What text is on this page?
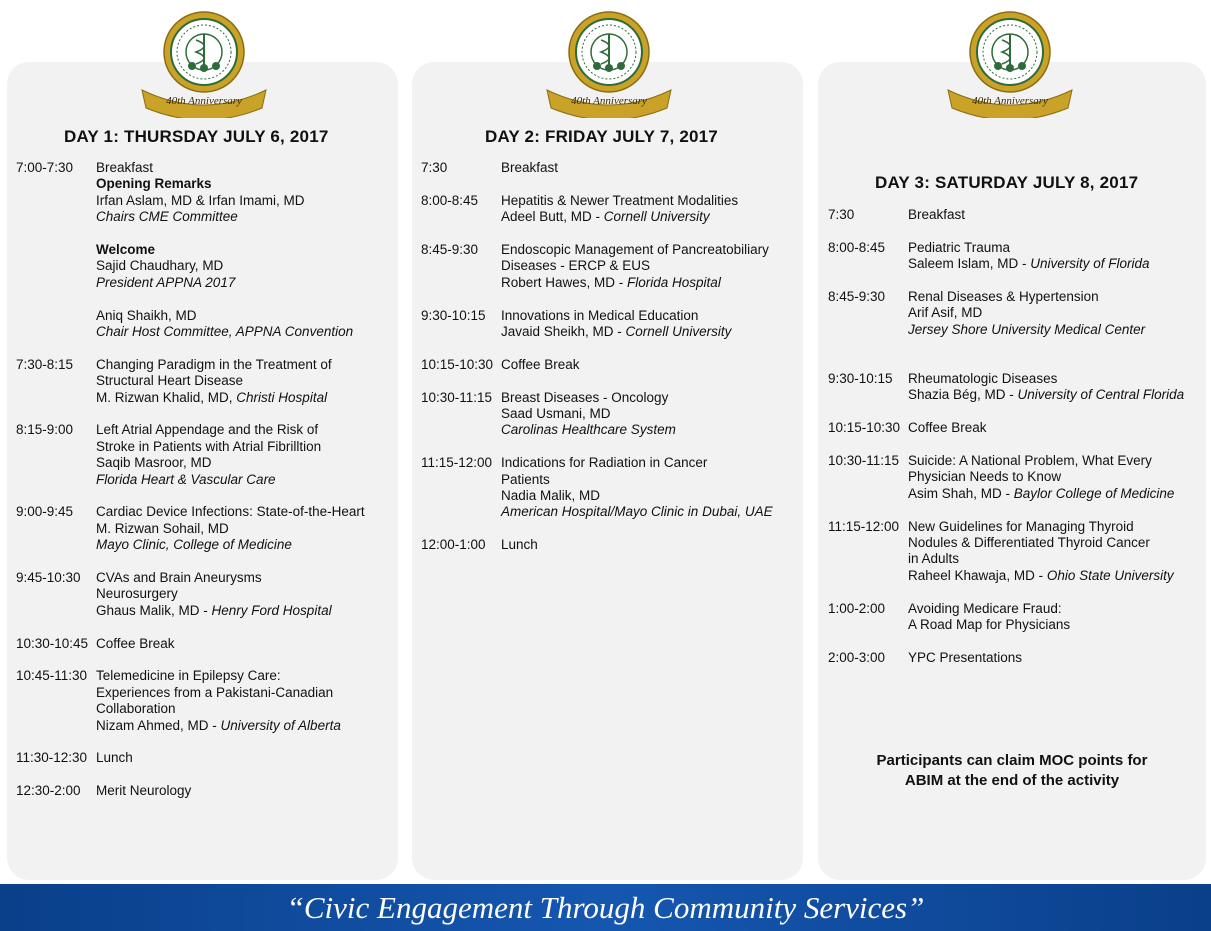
DAY 1: THURSDAY JULY 6, 2017	DAY 2: FRIDAY JULY 7, 2017
DAY 3: SATURDAY JULY 8, 2017
7:00-7:30	Breakfast
Opening Remarks
Irfan Aslam, MD & Irfan Imami, MD
Chairs CME Committee
Welcome
Sajid Chaudhary, MD
President APPNA 2017
Aniq Shaikh, MD
Chair Host Committee, APPNA Convention
7:30-8:15	Changing Paradigm in the Treatment of
Structural Heart Disease
M. Rizwan Khalid, MD, Christi Hospital
8:15-9:00	Left Atrial Appendage and the Risk of
Stroke in Patients with Atrial Fibrilltion
Saqib Masroor, MD
Florida Heart & Vascular Care
9:00-9:45	Cardiac Device Infections: State-of-the-Heart
M. Rizwan Sohail, MD
Mayo Clinic, College of Medicine
9:45-10:30	CVAs and Brain Aneurysms
Neurosurgery
Ghaus Malik, MD - Henry Ford Hospital
10:30-10:45 Coffee Break
10:45-11:30 Telemedicine in Epilepsy Care:
Experiences from a Pakistani-Canadian
Collaboration
Nizam Ahmed, MD - University of Alberta
11:30-12:30 Lunch
12:30-2:00	Merit Neurology
7:30	Breakfast
8:00-8:45	Hepatitis & Newer Treatment Modalities
Adeel Butt, MD - Cornell University
8:45-9:30	Endoscopic Management of Pancreatobiliary
Diseases - ERCP & EUS
Robert Hawes, MD - Florida Hospital
9:30-10:15	Innovations in Medical Education
Javaid Sheikh, MD - Cornell University
10:15-10:30 Coffee Break
10:30-11:15 Breast Diseases - Oncology
Saad Usmani, MD
Carolinas Healthcare System
11:15-12:00 Indications for Radiation in Cancer
Patients
Nadia Malik, MD
American Hospital/Mayo Clinic in Dubai, UAE
12:00-1:00	Lunch
7:30	Breakfast
8:00-8:45	Pediatric Trauma
Saleem Islam, MD - University of Florida
8:45-9:30	Renal Diseases & Hypertension
Arif Asif, MD
Jersey Shore University Medical Center
9:30-10:15	Rheumatologic Diseases
Shazia Bég, MD - University of Central Florida
10:15-10:30 Coffee Break
10:30-11:15 Suicide: A National Problem, What Every
Physician Needs to Know
Asim Shah, MD - Baylor College of Medicine
11:15-12:00 New Guidelines for Managing Thyroid
Nodules & Differentiated Thyroid Cancer
in Adults
Raheel Khawaja, MD - Ohio State University
1:00-2:00	Avoiding Medicare Fraud:
A Road Map for Physicians
2:00-3:00	YPC Presentations
Participants can claim MOC points for
ABIM at the end of the activity
“Civic Engagement Through Community Services”
